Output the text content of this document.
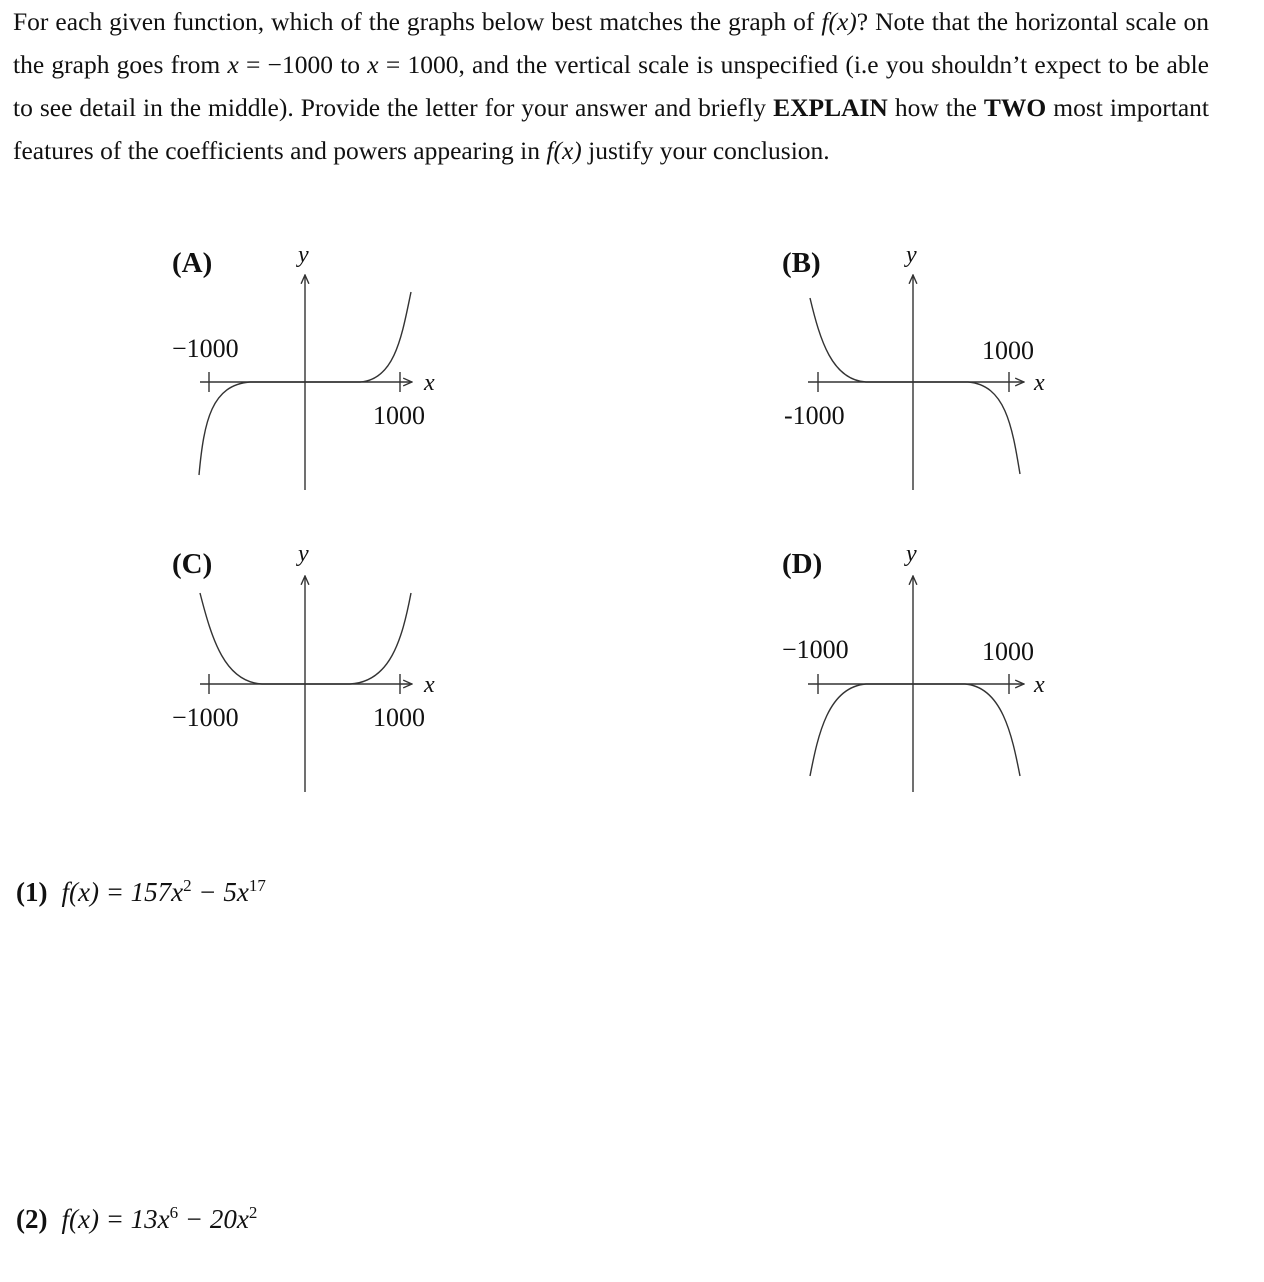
For each given function, which of the graphs below best matches the graph of f(x)? Note that the horizontal scale on the graph goes from x = −1000 to x = 1000, and the vertical scale is unspecified (i.e you shouldn’t expect to be able to see detail in the middle). Provide the letter for your answer and briefly EXPLAIN how the TWO most important features of the coefficients and powers appearing in f(x) justify your conclusion.
(A)	y
x
−1000
1000
(B)	y
x
-1000
1000
(C)	y
x
−1000	1000
(D)	y
x
−1000	1000
(1) $f(x) = 157x^2 - 5x^{17}$
(2) $f(x) = 13x^6 - 20x^2$
